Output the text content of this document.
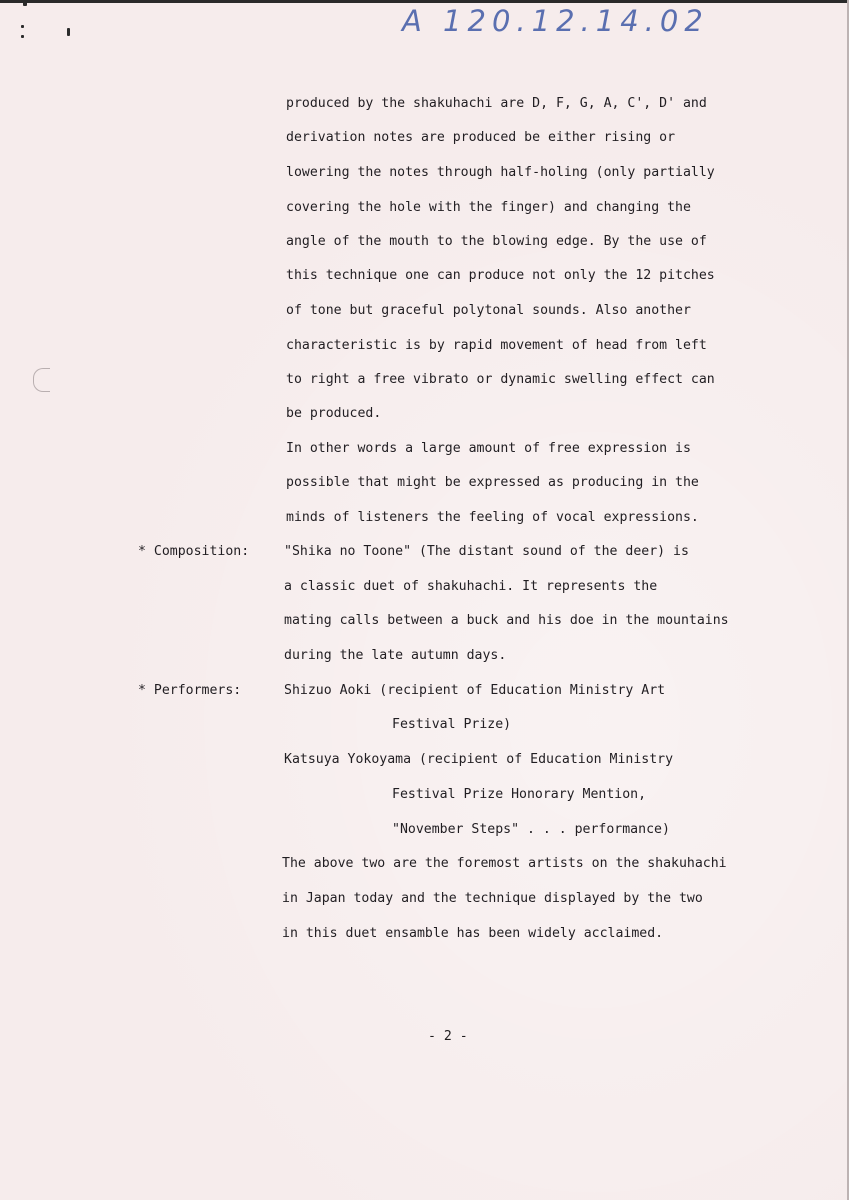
A 120.12.14.02
produced by the shakuhachi are D, F, G, A, C', D' and
derivation notes are produced be either rising or
lowering the notes through half-holing (only partially
covering the hole with the finger) and changing the
angle of the mouth to the blowing edge. By the use of
this technique one can produce not only the 12 pitches
of tone but graceful polytonal sounds. Also another
characteristic is by rapid movement of head from left
to right a free vibrato or dynamic swelling effect can
be produced.
In other words a large amount of free expression is
possible that might be expressed as producing in the
minds of listeners the feeling of vocal expressions.
* Composition:	"Shika no Toone" (The distant sound of the deer) is
a classic duet of shakuhachi. It represents the
mating calls between a buck and his doe in the mountains
during the late autumn days.
* Performers:	Shizuo Aoki (recipient of Education Ministry Art
Festival Prize)
Katsuya Yokoyama (recipient of Education Ministry
Festival Prize Honorary Mention,
"November Steps" . . . performance)
The above two are the foremost artists on the shakuhachi
in Japan today and the technique displayed by the two
in this duet ensamble has been widely acclaimed.
- 2 -
